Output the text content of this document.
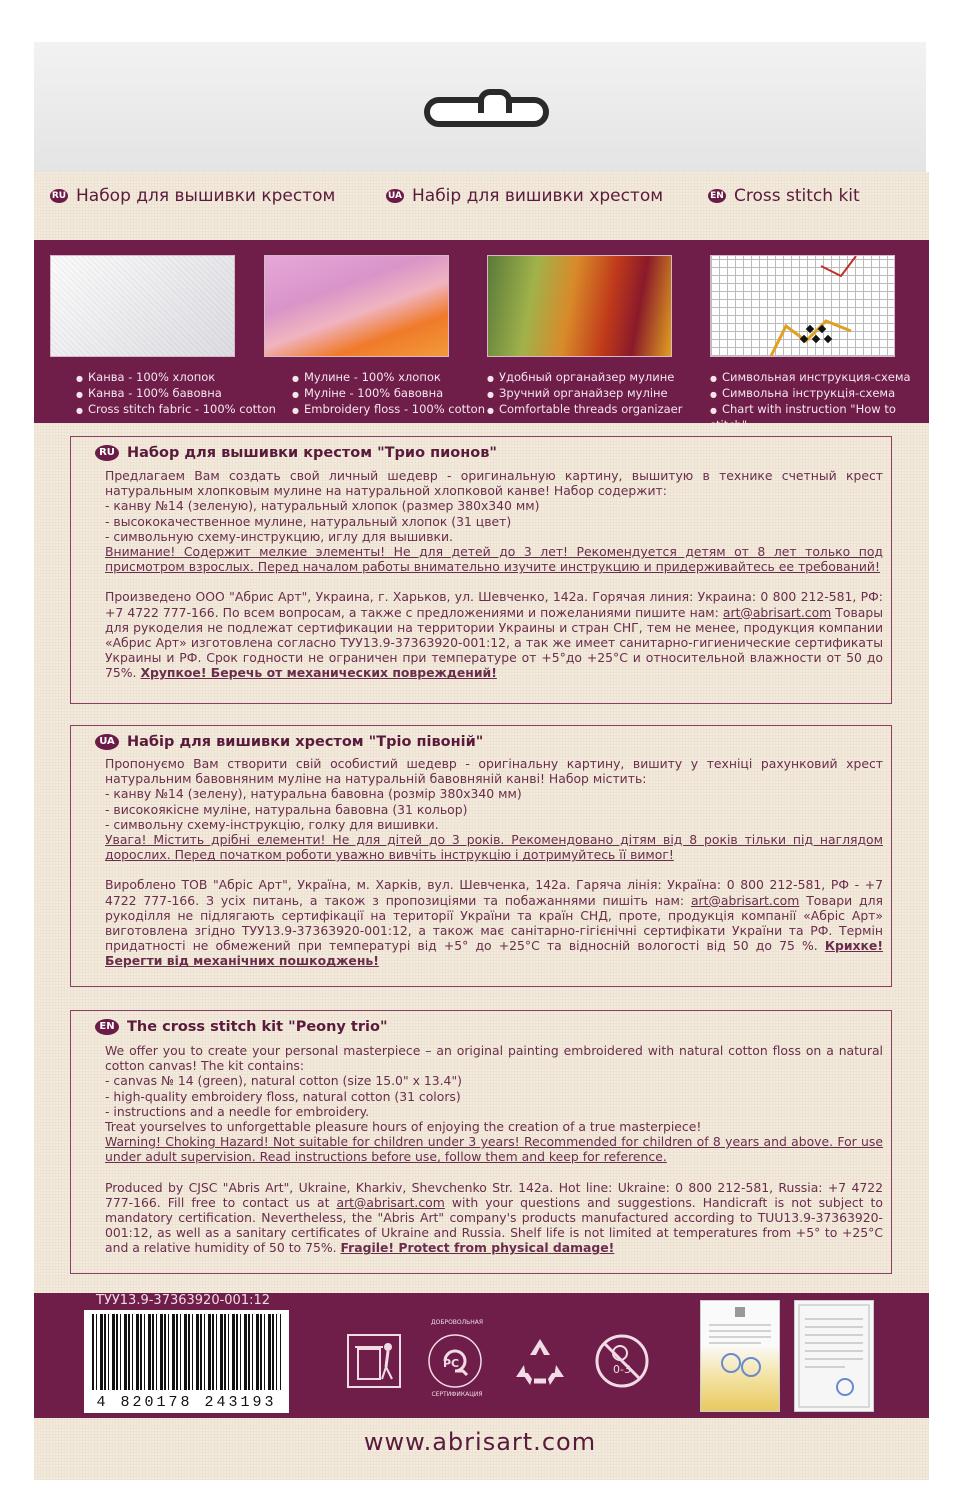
RU Набор для вышивки крестом	UA Набір для вишивки хрестом	EN Cross stitch kit
● Канва - 100% хлопок
● Канва - 100% бавовна
● Cross stitch fabric - 100% cotton
● Мулине - 100% хлопок
● Муліне - 100% бавовна
● Embroidery floss - 100% cotton
● Удобный органайзер мулине
● Зручний органайзер муліне
● Comfortable threads organizaer
● Символьная инструкция-схема
● Символьна інструкція-схема
● Chart with instruction "How to stitch"
RU Набор для вышивки крестом "Трио пионов"

Предлагаем Вам создать свой личный шедевр - оригинальную картину, вышитую в технике счетный крест натуральным хлопковым мулине на натуральной хлопковой канве! Набор содержит:

- канву №14 (зеленую), натуральный хлопок (размер 380х340 мм)

- высококачественное мулине, натуральный хлопок (31 цвет)

- символьную схему-инструкцию, иглу для вышивки.

Внимание! Содержит мелкие элементы! Не для детей до 3 лет! Рекомендуется детям от 8 лет только под присмотром взрослых. Перед началом работы внимательно изучите инструкцию и придерживайтесь ее требований!

Произведено ООО "Абрис Арт", Украина, г. Харьков, ул. Шевченко, 142а. Горячая линия: Украина: 0 800 212-581, РФ: +7 4722 777-166. По всем вопросам, а также с предложениями и пожеланиями пишите нам: art@abrisart.com Товары для рукоделия не подлежат сертификации на территории Украины и стран СНГ, тем не менее, продукция компании «Абрис Арт» изготовлена согласно ТУУ13.9-37363920-001:12, а так же имеет санитарно-гигиенические сертификаты Украины и РФ. Срок годности не ограничен при температуре от +5°до +25°С и относительной влажности от 50 до 75%. Хрупкое! Беречь от механических повреждений!

UA Набір для вишивки хрестом "Тріо півоній"

Пропонуємо Вам створити свій особистий шедевр - оригінальну картину, вишиту у техніці рахунковий хрест натуральним бавовняним муліне на натуральній бавовняній канві! Набор містить:

- канву №14 (зелену), натуральна бавовна (розмір 380х340 мм)

- високоякісне муліне, натуральна бавовна (31 кольор)

- символьну схему-інструкцію, голку для вишивки.

Увага! Містить дрібні елементи! Не для дітей до 3 років. Рекомендовано дітям від 8 років тільки під наглядом дорослих. Перед початком роботи уважно вивчіть інструкцію і дотримуйтесь її вимог!

Вироблено ТОВ "Абріс Арт", Україна, м. Харків, вул. Шевченка, 142а. Гаряча лінія: Україна: 0 800 212-581, РФ - +7 4722 777-166. З усіх питань, а також з пропозиціями та побажаннями пишіть нам: art@abrisart.com Товари для рукоділля не підлягають сертифікації на території України та країн СНД, проте, продукція компанії «Абріс Арт» виготовлена згідно ТУУ13.9-37363920-001:12, а також має санітарно-гігієнічні сертифікати України та РФ. Термін придатності не обмежений при температурі від +5° до +25°С та відносній вологості від 50 до 75 %. Крихке! Берегти від механічних пошкоджень!

EN The cross stitch kit "Peony trio"

We offer you to create your personal masterpiece – an original painting embroidered with natural cotton floss on a natural cotton canvas! The kit contains:

- canvas № 14 (green), natural cotton (size 15.0" x 13.4")

- high-quality embroidery floss, natural cotton (31 colors)

- instructions and a needle for embroidery.

Treat yourselves to unforgettable pleasure hours of enjoying the creation of a true masterpiece!

Warning! Choking Hazard! Not suitable for children under 3 years! Recommended for children of 8 years and above. For use under adult supervision. Read instructions before use, follow them and keep for reference.

Produced by CJSC "Abris Art", Ukraine, Kharkiv, Shevchenko Str. 142a. Hot line: Ukraine: 0 800 212-581, Russia: +7 4722 777-166. Fill free to contact us at art@abrisart.com with your questions and suggestions. Handicraft is not subject to mandatory certification. Nevertheless, the "Abris Art" company's products manufactured according to TUU13.9-37363920-001:12, as well as a sanitary certificates of Ukraine and Russia. Shelf life is not limited at temperatures from +5° to +25°C and a relative humidity of 50 to 75%. Fragile! Protect from physical damage!

ТУУ13.9-37363920-001:12
4 820178 243193
PC
ДОБРОВОЛЬНАЯ
СЕРТИФИКАЦИЯ
0-3
www.abrisart.com
